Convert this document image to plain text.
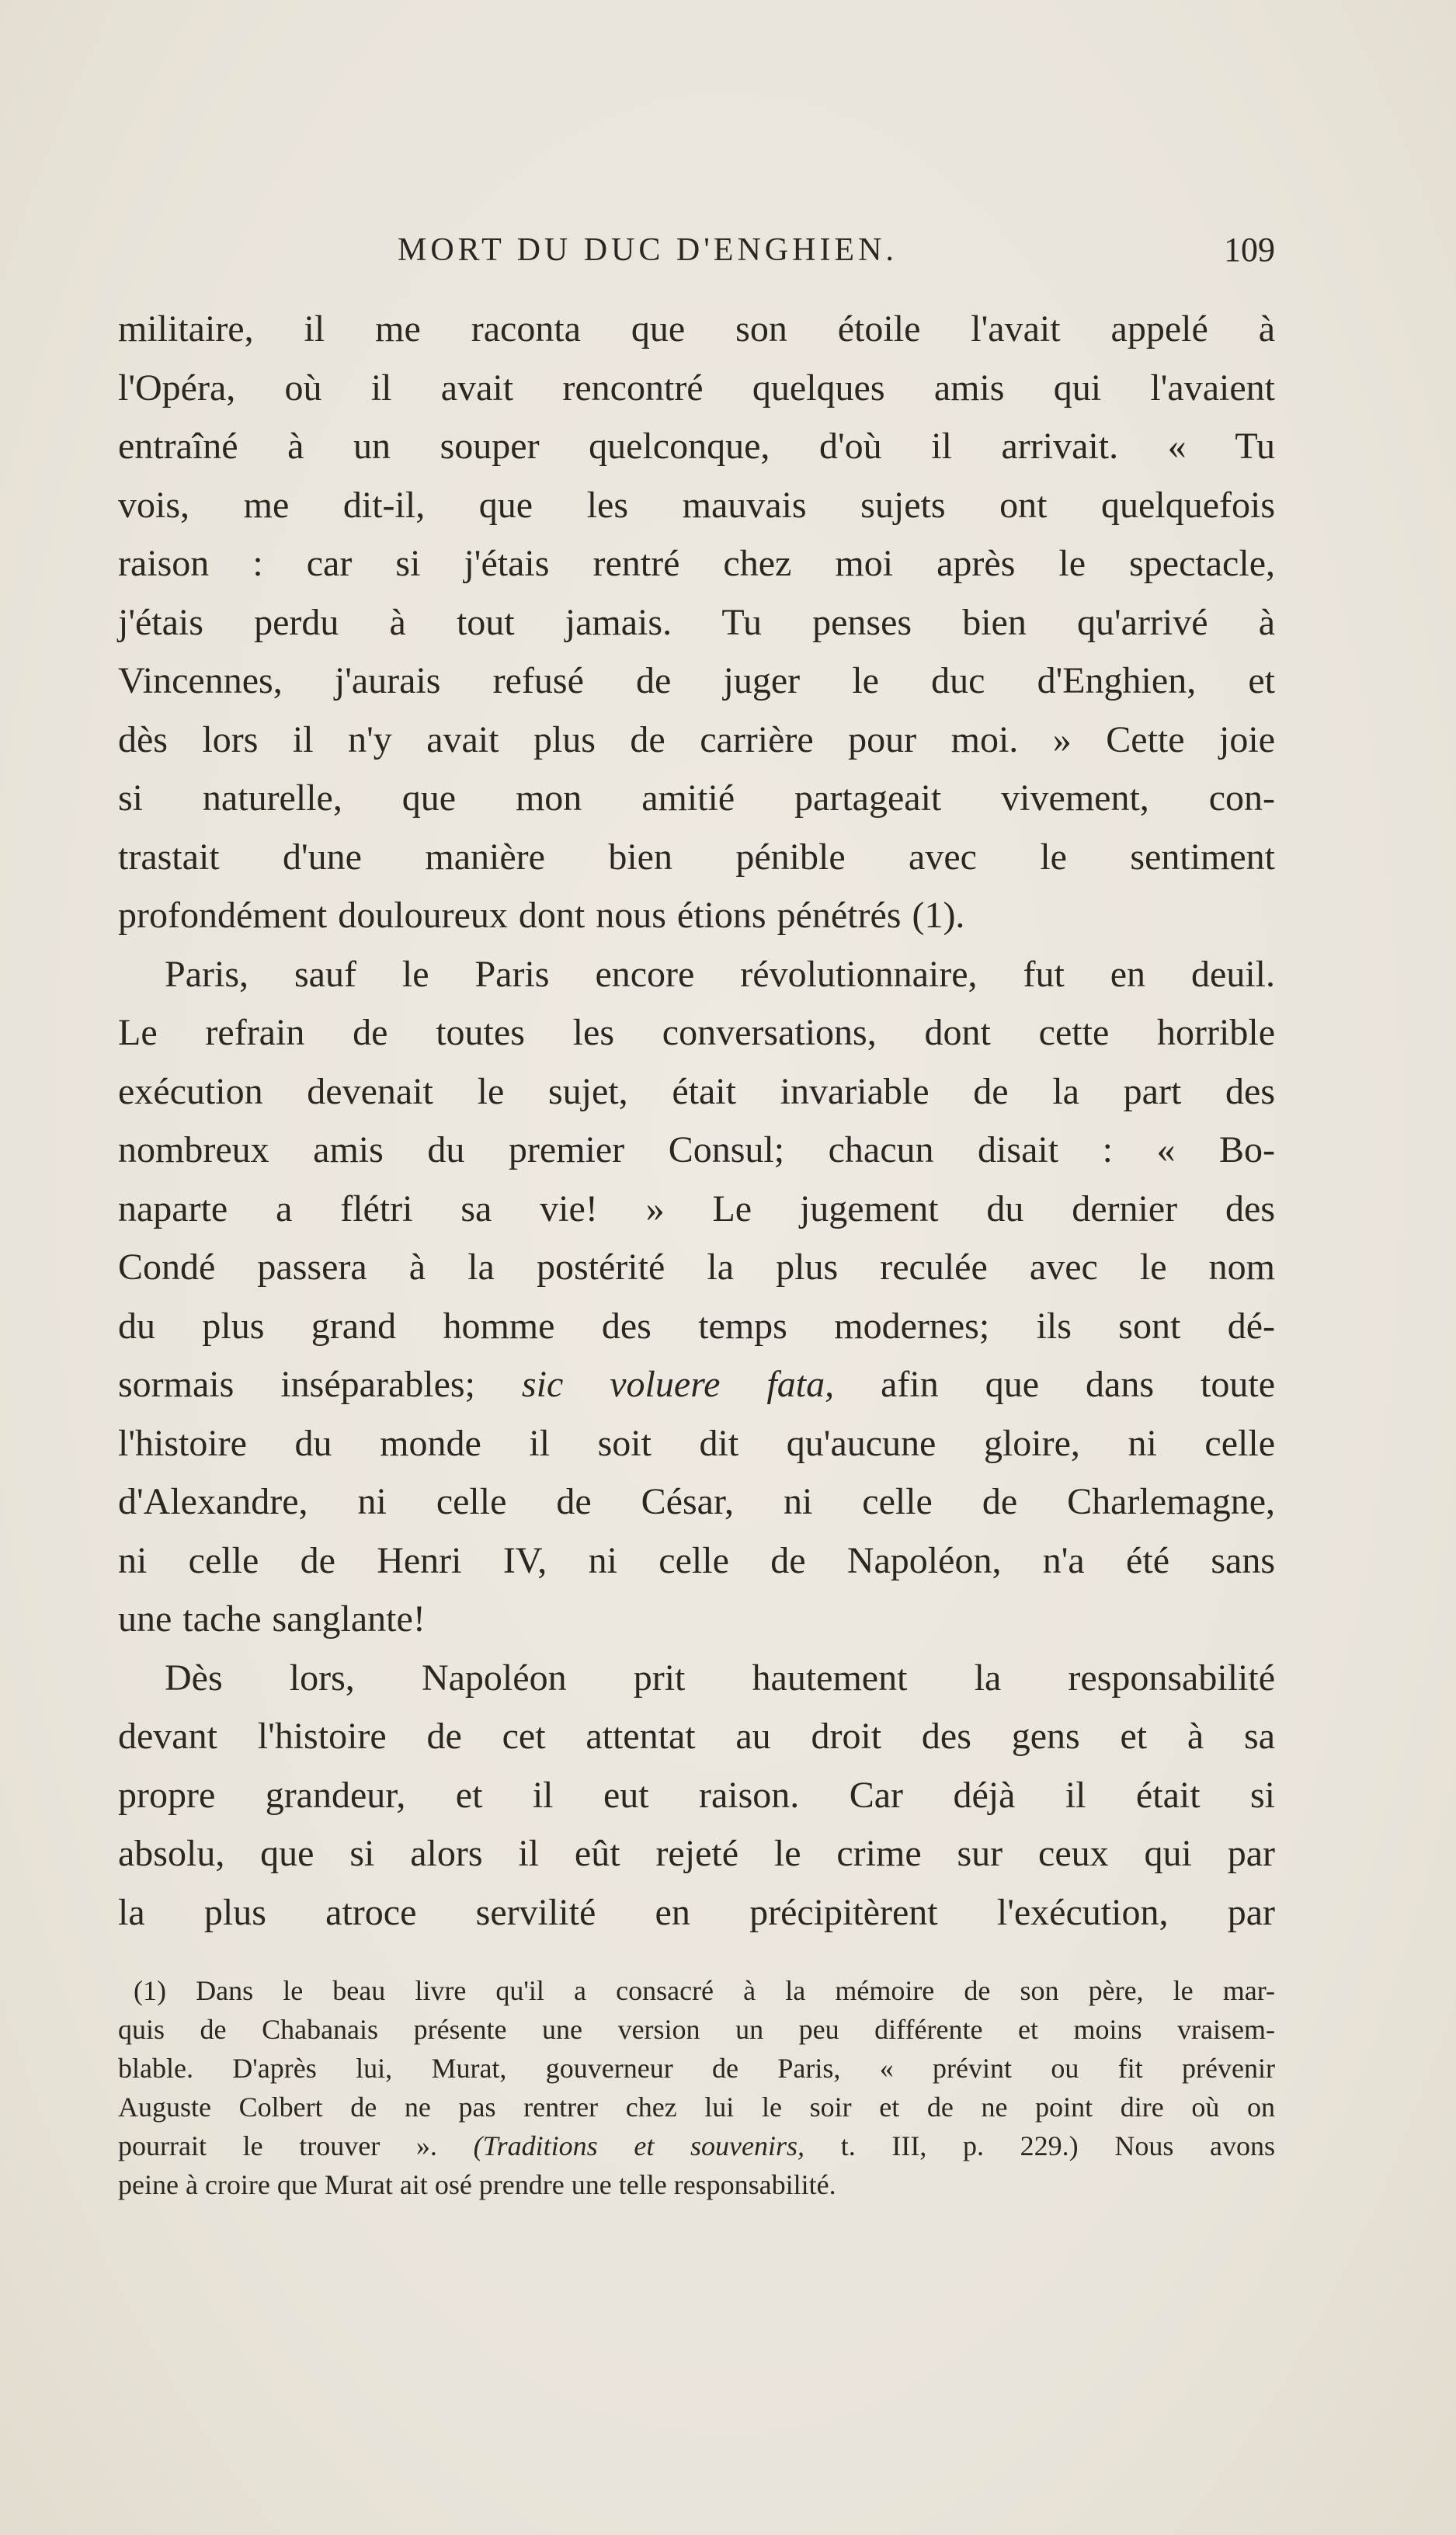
MORT DU DUC D'ENGHIEN.	109

militaire, il me raconta que son étoile l'avait appelé à
l'Opéra, où il avait rencontré quelques amis qui l'avaient
entraîné à un souper quelconque, d'où il arrivait. « Tu
vois, me dit-il, que les mauvais sujets ont quelquefois
raison : car si j'étais rentré chez moi après le spectacle,
j'étais perdu à tout jamais. Tu penses bien qu'arrivé à
Vincennes, j'aurais refusé de juger le duc d'Enghien, et
dès lors il n'y avait plus de carrière pour moi. » Cette joie
si naturelle, que mon amitié partageait vivement, con-
trastait d'une manière bien pénible avec le sentiment
profondément douloureux dont nous étions pénétrés (1).

Paris, sauf le Paris encore révolutionnaire, fut en deuil.
Le refrain de toutes les conversations, dont cette horrible
exécution devenait le sujet, était invariable de la part des
nombreux amis du premier Consul; chacun disait : « Bo-
naparte a flétri sa vie! » Le jugement du dernier des
Condé passera à la postérité la plus reculée avec le nom
du plus grand homme des temps modernes; ils sont dé-
sormais inséparables; sic voluere fata, afin que dans toute
l'histoire du monde il soit dit qu'aucune gloire, ni celle
d'Alexandre, ni celle de César, ni celle de Charlemagne,
ni celle de Henri IV, ni celle de Napoléon, n'a été sans
une tache sanglante!

Dès lors, Napoléon prit hautement la responsabilité
devant l'histoire de cet attentat au droit des gens et à sa
propre grandeur, et il eut raison. Car déjà il était si
absolu, que si alors il eût rejeté le crime sur ceux qui par
la plus atroce servilité en précipitèrent l'exécution, par

(1) Dans le beau livre qu'il a consacré à la mémoire de son père, le mar-
quis de Chabanais présente une version un peu différente et moins vraisem-
blable. D'après lui, Murat, gouverneur de Paris, « prévint ou fit prévenir
Auguste Colbert de ne pas rentrer chez lui le soir et de ne point dire où on
pourrait le trouver ». (Traditions et souvenirs, t. III, p. 229.) Nous avons
peine à croire que Murat ait osé prendre une telle responsabilité.
